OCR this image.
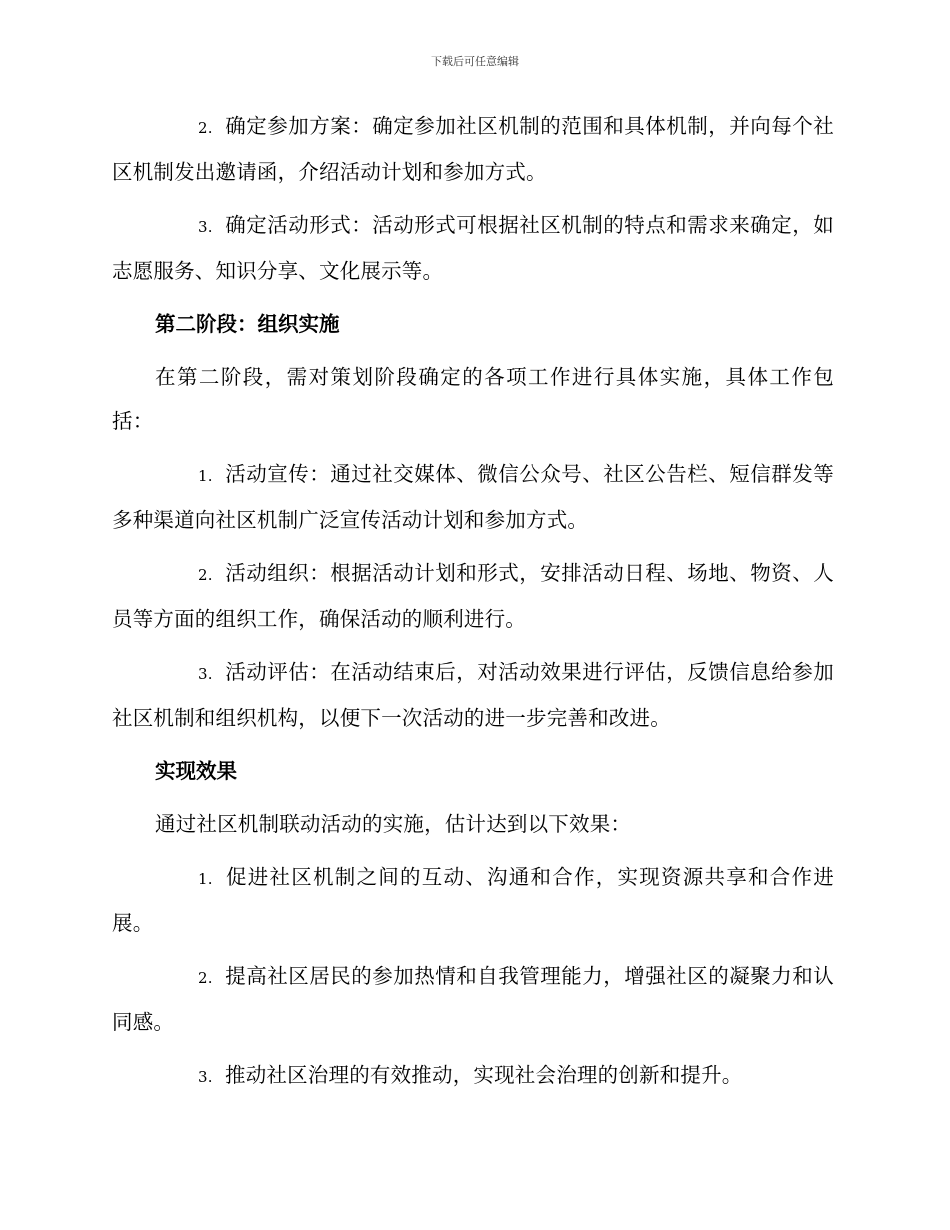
下载后可任意编辑

2. 确定参加方案：确定参加社区机制的范围和具体机制，并向每个社区机制发出邀请函，介绍活动计划和参加方式。

3. 确定活动形式：活动形式可根据社区机制的特点和需求来确定，如志愿服务、知识分享、文化展示等。

第二阶段：组织实施

在第二阶段，需对策划阶段确定的各项工作进行具体实施，具体工作包括：

1. 活动宣传：通过社交媒体、微信公众号、社区公告栏、短信群发等多种渠道向社区机制广泛宣传活动计划和参加方式。

2. 活动组织：根据活动计划和形式，安排活动日程、场地、物资、人员等方面的组织工作，确保活动的顺利进行。

3. 活动评估：在活动结束后，对活动效果进行评估，反馈信息给参加社区机制和组织机构，以便下一次活动的进一步完善和改进。

实现效果

通过社区机制联动活动的实施，估计达到以下效果：

1. 促进社区机制之间的互动、沟通和合作，实现资源共享和合作进展。

2. 提高社区居民的参加热情和自我管理能力，增强社区的凝聚力和认同感。

3. 推动社区治理的有效推动，实现社会治理的创新和提升。
